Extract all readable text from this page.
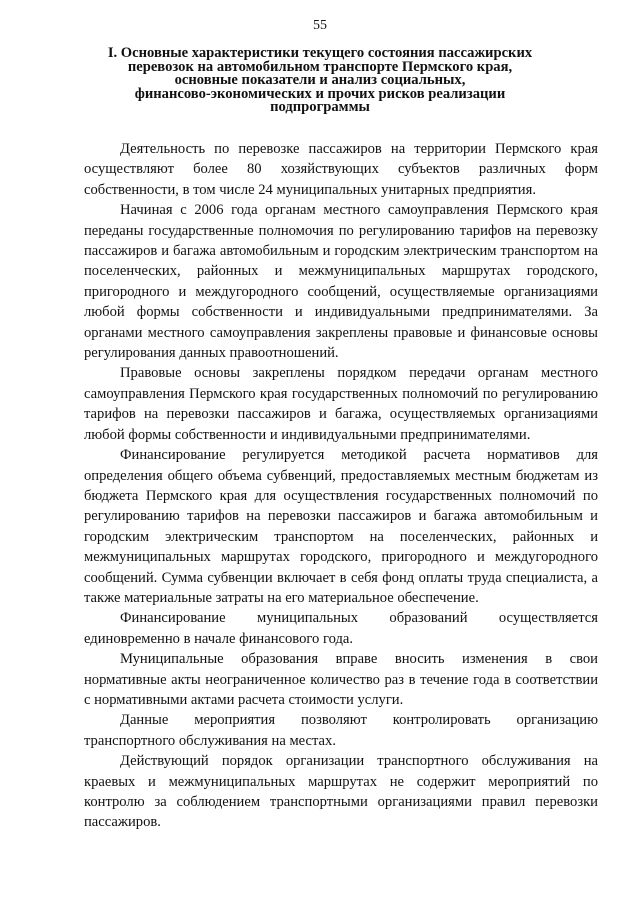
55
I. Основные характеристики текущего состояния пассажирских
перевозок на автомобильном транспорте Пермского края,
основные показатели и анализ социальных,
финансово-экономических и прочих рисков реализации
подпрограммы

Деятельность по перевозке пассажиров на территории Пермского края осуществляют более 80 хозяйствующих субъектов различных форм собственности, в том числе 24 муниципальных унитарных предприятия.

Начиная с 2006 года органам местного самоуправления Пермского края переданы государственные полномочия по регулированию тарифов на перевозку пассажиров и багажа автомобильным и городским электрическим транспортом на поселенческих, районных и межмуниципальных маршрутах городского, пригородного и междугородного сообщений, осуществляемые организациями любой формы собственности и индивидуальными предпринимателями. За органами местного самоуправления закреплены правовые и финансовые основы регулирования данных правоотношений.

Правовые основы закреплены порядком передачи органам местного самоуправления Пермского края государственных полномочий по регулированию тарифов на перевозки пассажиров и багажа, осуществляемых организациями любой формы собственности и индивидуальными предпринимателями.

Финансирование регулируется методикой расчета нормативов для определения общего объема субвенций, предоставляемых местным бюджетам из бюджета Пермского края для осуществления государственных полномочий по регулированию тарифов на перевозки пассажиров и багажа автомобильным и городским электрическим транспортом на поселенческих, районных и межмуниципальных маршрутах городского, пригородного и междугородного сообщений. Сумма субвенции включает в себя фонд оплаты труда специалиста, а также материальные затраты на его материальное обеспечение.

Финансирование муниципальных образований осуществляется единовременно в начале финансового года.

Муниципальные образования вправе вносить изменения в свои нормативные акты неограниченное количество раз в течение года в соответствии с нормативными актами расчета стоимости услуги.

Данные мероприятия позволяют контролировать организацию транспортного обслуживания на местах.

Действующий порядок организации транспортного обслуживания на краевых и межмуниципальных маршрутах не содержит мероприятий по контролю за соблюдением транспортными организациями правил перевозки пассажиров.
